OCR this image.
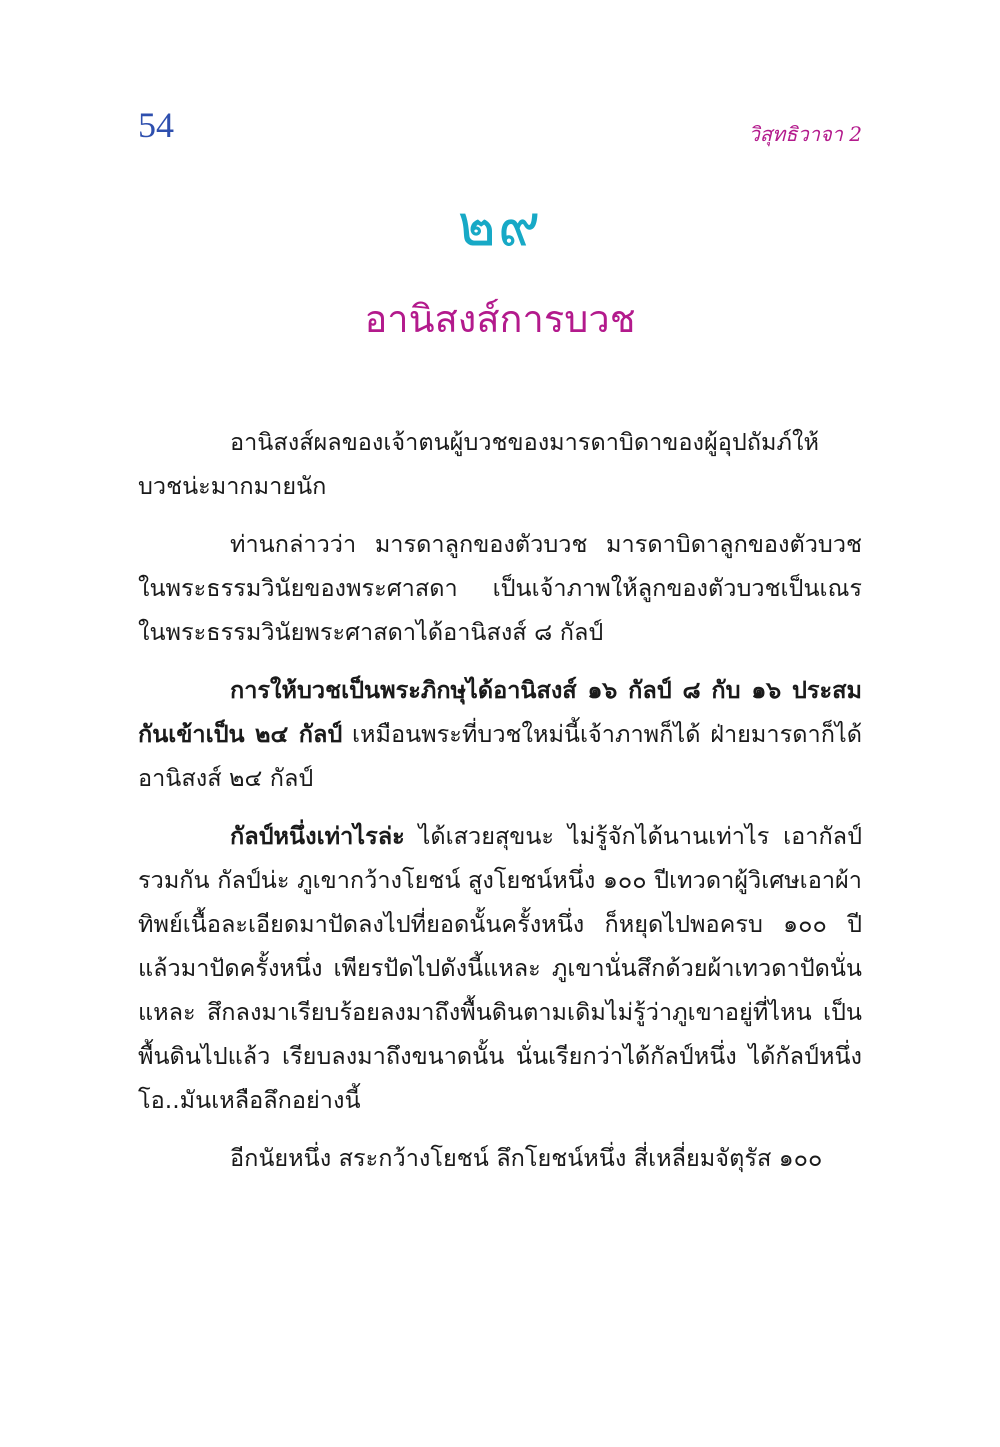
54	วิสุทธิวาจา 2
๒๙
อานิสงส์การบวช

อานิสงส์ผลของเจ้าตนผู้บวชของมารดาบิดาของผู้อุปถัมภ์ให้บวชน่ะมากมายนัก

ท่านกล่าวว่า มารดาลูกของตัวบวช มารดาบิดาลูกของตัวบวชในพระธรรมวินัยของพระศาสดา เป็นเจ้าภาพให้ลูกของตัวบวชเป็นเณรในพระธรรมวินัยพระศาสดาได้อานิสงส์ ๘ กัลป์

การให้บวชเป็นพระภิกษุได้อานิสงส์ ๑๖ กัลป์ ๘ กับ ๑๖ ประสมกันเข้าเป็น ๒๔ กัลป์ เหมือนพระที่บวชใหม่นี้เจ้าภาพก็ได้ ฝ่ายมารดาก็ได้อานิสงส์ ๒๔ กัลป์

กัลป์หนึ่งเท่าไรล่ะ ได้เสวยสุขนะ ไม่รู้จักได้นานเท่าไร เอากัลป์รวมกัน กัลป์น่ะ ภูเขากว้างโยชน์ สูงโยชน์หนึ่ง ๑๐๐ ปีเทวดาผู้วิเศษเอาผ้าทิพย์เนื้อละเอียดมาปัดลงไปที่ยอดนั้นครั้งหนึ่ง ก็หยุดไปพอครบ ๑๐๐ ปีแล้วมาปัดครั้งหนึ่ง เพียรปัดไปดังนี้แหละ ภูเขานั่นสึกด้วยผ้าเทวดาปัดนั่นแหละ สึกลงมาเรียบร้อยลงมาถึงพื้นดินตามเดิมไม่รู้ว่าภูเขาอยู่ที่ไหน เป็นพื้นดินไปแล้ว เรียบลงมาถึงขนาดนั้น นั่นเรียกว่าได้กัลป์หนึ่ง ได้กัลป์หนึ่ง โอ..มันเหลือลึกอย่างนี้

อีกนัยหนึ่ง สระกว้างโยชน์ ลึกโยชน์หนึ่ง สี่เหลี่ยมจัตุรัส ๑๐๐
